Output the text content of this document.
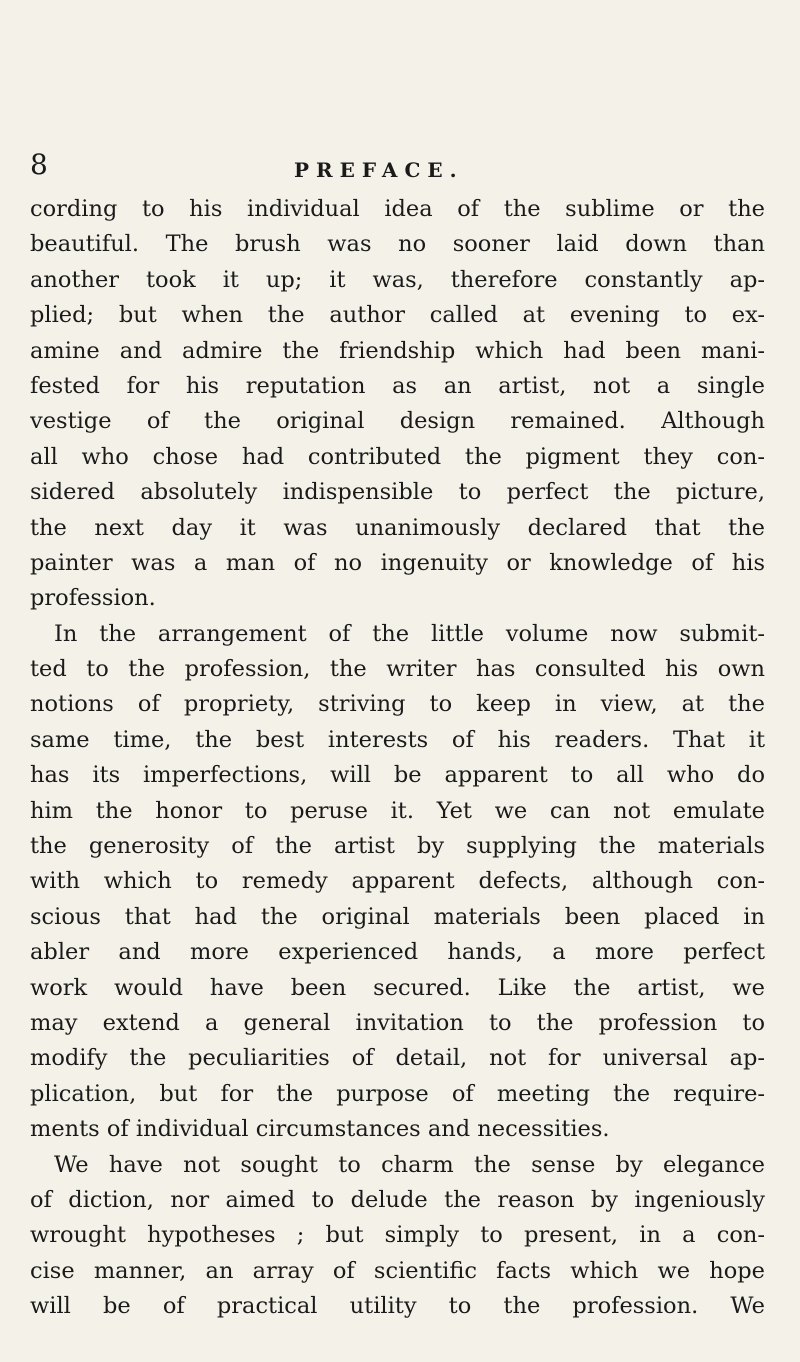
8	PREFACE.
cording to his individual idea of the sublime or the
beautiful. The brush was no sooner laid down than
another took it up; it was, therefore constantly ap-
plied; but when the author called at evening to ex-
amine and admire the friendship which had been mani-
fested for his reputation as an artist, not a single
vestige of the original design remained. Although
all who chose had contributed the pigment they con-
sidered absolutely indispensible to perfect the picture,
the next day it was unanimously declared that the
painter was a man of no ingenuity or knowledge of his
profession.
In the arrangement of the little volume now submit-
ted to the profession, the writer has consulted his own
notions of propriety, striving to keep in view, at the
same time, the best interests of his readers. That it
has its imperfections, will be apparent to all who do
him the honor to peruse it. Yet we can not emulate
the generosity of the artist by supplying the materials
with which to remedy apparent defects, although con-
scious that had the original materials been placed in
abler and more experienced hands, a more perfect
work would have been secured. Like the artist, we
may extend a general invitation to the profession to
modify the peculiarities of detail, not for universal ap-
plication, but for the purpose of meeting the require-
ments of individual circumstances and necessities.
We have not sought to charm the sense by elegance
of diction, nor aimed to delude the reason by ingeniously
wrought hypotheses ; but simply to present, in a con-
cise manner, an array of scientific facts which we hope
will be of practical utility to the profession. We
